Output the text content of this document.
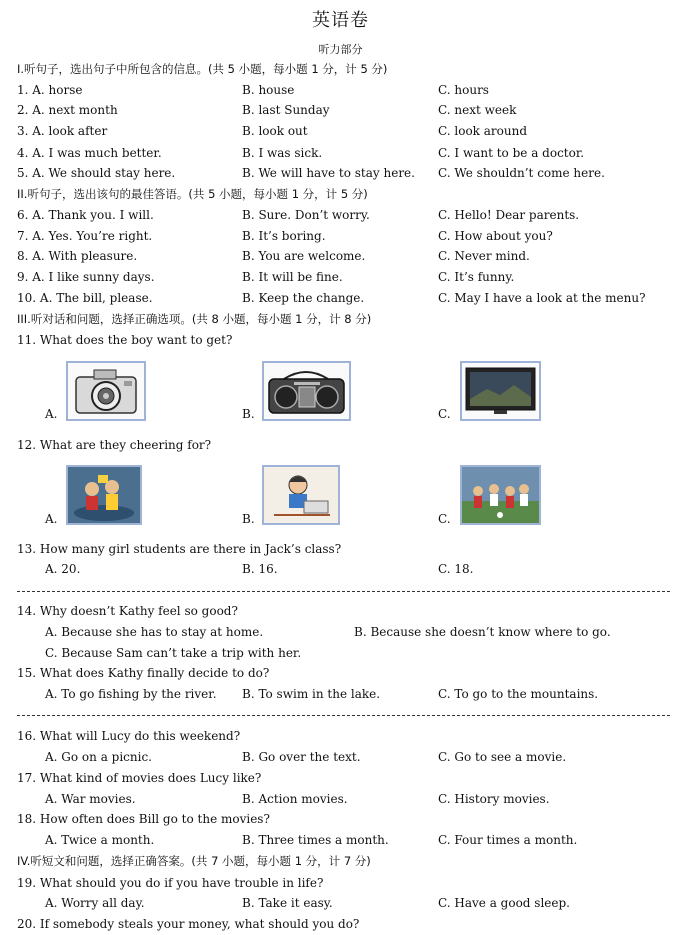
英语卷
听力部分
I.听句子，选出句子中所包含的信息。(共 5 小题，每小题 1 分，计 5 分)
1. A. horse	B. house	C. hours
2. A. next month	B. last Sunday	C. next week
3. A. look after	B. look out	C. look around
4. A. I was much better.	B. I was sick.	C. I want to be a doctor.
5. A. We should stay here.	B. We will have to stay here. C. We shouldn’t come here.
II.听句子，选出该句的最佳答语。(共 5 小题，每小题 1 分，计 5 分)
6. A. Thank you. I will.	B. Sure. Don’t worry.	C. Hello! Dear parents.
7. A. Yes. You’re right.	B. It’s boring.	C. How about you?
8. A. With pleasure.	B. You are welcome.	C. Never mind.
9. A. I like sunny days.	B. It will be fine.	C. It’s funny.
10. A. The bill, please.	B. Keep the change.	C. May I have a look at the menu?
III.听对话和问题，选择正确选项。(共 8 小题，每小题 1 分，计 8 分)
11. What does the boy want to get?
A.	B.	C.
12. What are they cheering for?
A.	B.	C.
13. How many girl students are there in Jack’s class?
A. 20.	B. 16.	C. 18.
14. Why doesn’t Kathy feel so good?
A. Because she has to stay at home.	B. Because she doesn’t know where to go.
C. Because Sam can’t take a trip with her.
15. What does Kathy finally decide to do?
A. To go fishing by the river. B. To swim in the lake.	C. To go to the mountains.
16. What will Lucy do this weekend?
A. Go on a picnic.	B. Go over the text.	C. Go to see a movie.
17. What kind of movies does Lucy like?
A. War movies.	B. Action movies.	C. History movies.
18. How often does Bill go to the movies?
A. Twice a month.	B. Three times a month.	C. Four times a month.
IV.听短文和问题，选择正确答案。(共 7 小题，每小题 1 分，计 7 分)
19. What should you do if you have trouble in life?
A. Worry all day.	B. Take it easy.	C. Have a good sleep.
20. If somebody steals your money, what should you do?
